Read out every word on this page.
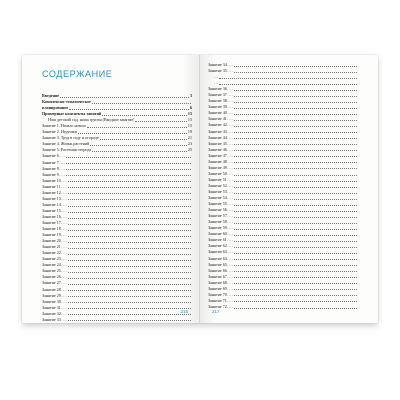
СОДЕРЖАНИЕ
Введение	3
Комплексно-тематическое
планирование	6
Примерные конспекты занятий	15
Наш детский сад, наша группа (Вводное занятие)	15
Занятие 1. Начало нового	15
Занятие 2. Игрушки	19
Занятие 3. Труд в саду и огороде	21
Занятие 4. Жизнь растений	23
Занятие 5. Растения огорода	25
Занятие 6. …
Занятие 7. …
Занятие 8. …
Занятие 9. …
Занятие 10. …
Занятие 11. …
Занятие 12. …
Занятие 13. …
Занятие 14. …
Занятие 15. …
Занятие 16. …
Занятие 17. …
Занятие 18. …
Занятие 19. …
Занятие 20. …
Занятие 21. …
Занятие 22. …
Занятие 23. …
Занятие 24. …
Занятие 25. …
Занятие 26. …
Занятие 27. …
Занятие 28. …
Занятие 29. …
Занятие 30. …
Занятие 31. …
Занятие 32. …
Занятие 33. …
215
Занятие 34. …
Занятие 35. …
…
…
Занятие 36. …
Занятие 37. …
Занятие 38. …
Занятие 39. …
Занятие 40. …
Занятие 41. …
Занятие 42. …
Занятие 43. …
Занятие 44. …
Занятие 45. …
Занятие 46. …
Занятие 47. …
Занятие 48. …
Занятие 49. …
Занятие 50. …
Занятие 51. …
Занятие 52. …
Занятие 53. …
Занятие 54. …
Занятие 55. …
Занятие 56. …
Занятие 57. …
Занятие 58. …
Занятие 59. …
Занятие 60. …
Занятие 61. …
Занятие 62. …
Занятие 63. …
Занятие 64. …
Занятие 65. …
Занятие 66. …
Занятие 67. …
Занятие 68. …
Занятие 69. …
Занятие 70. …
Занятие 71. …
Занятие 72. …
217
